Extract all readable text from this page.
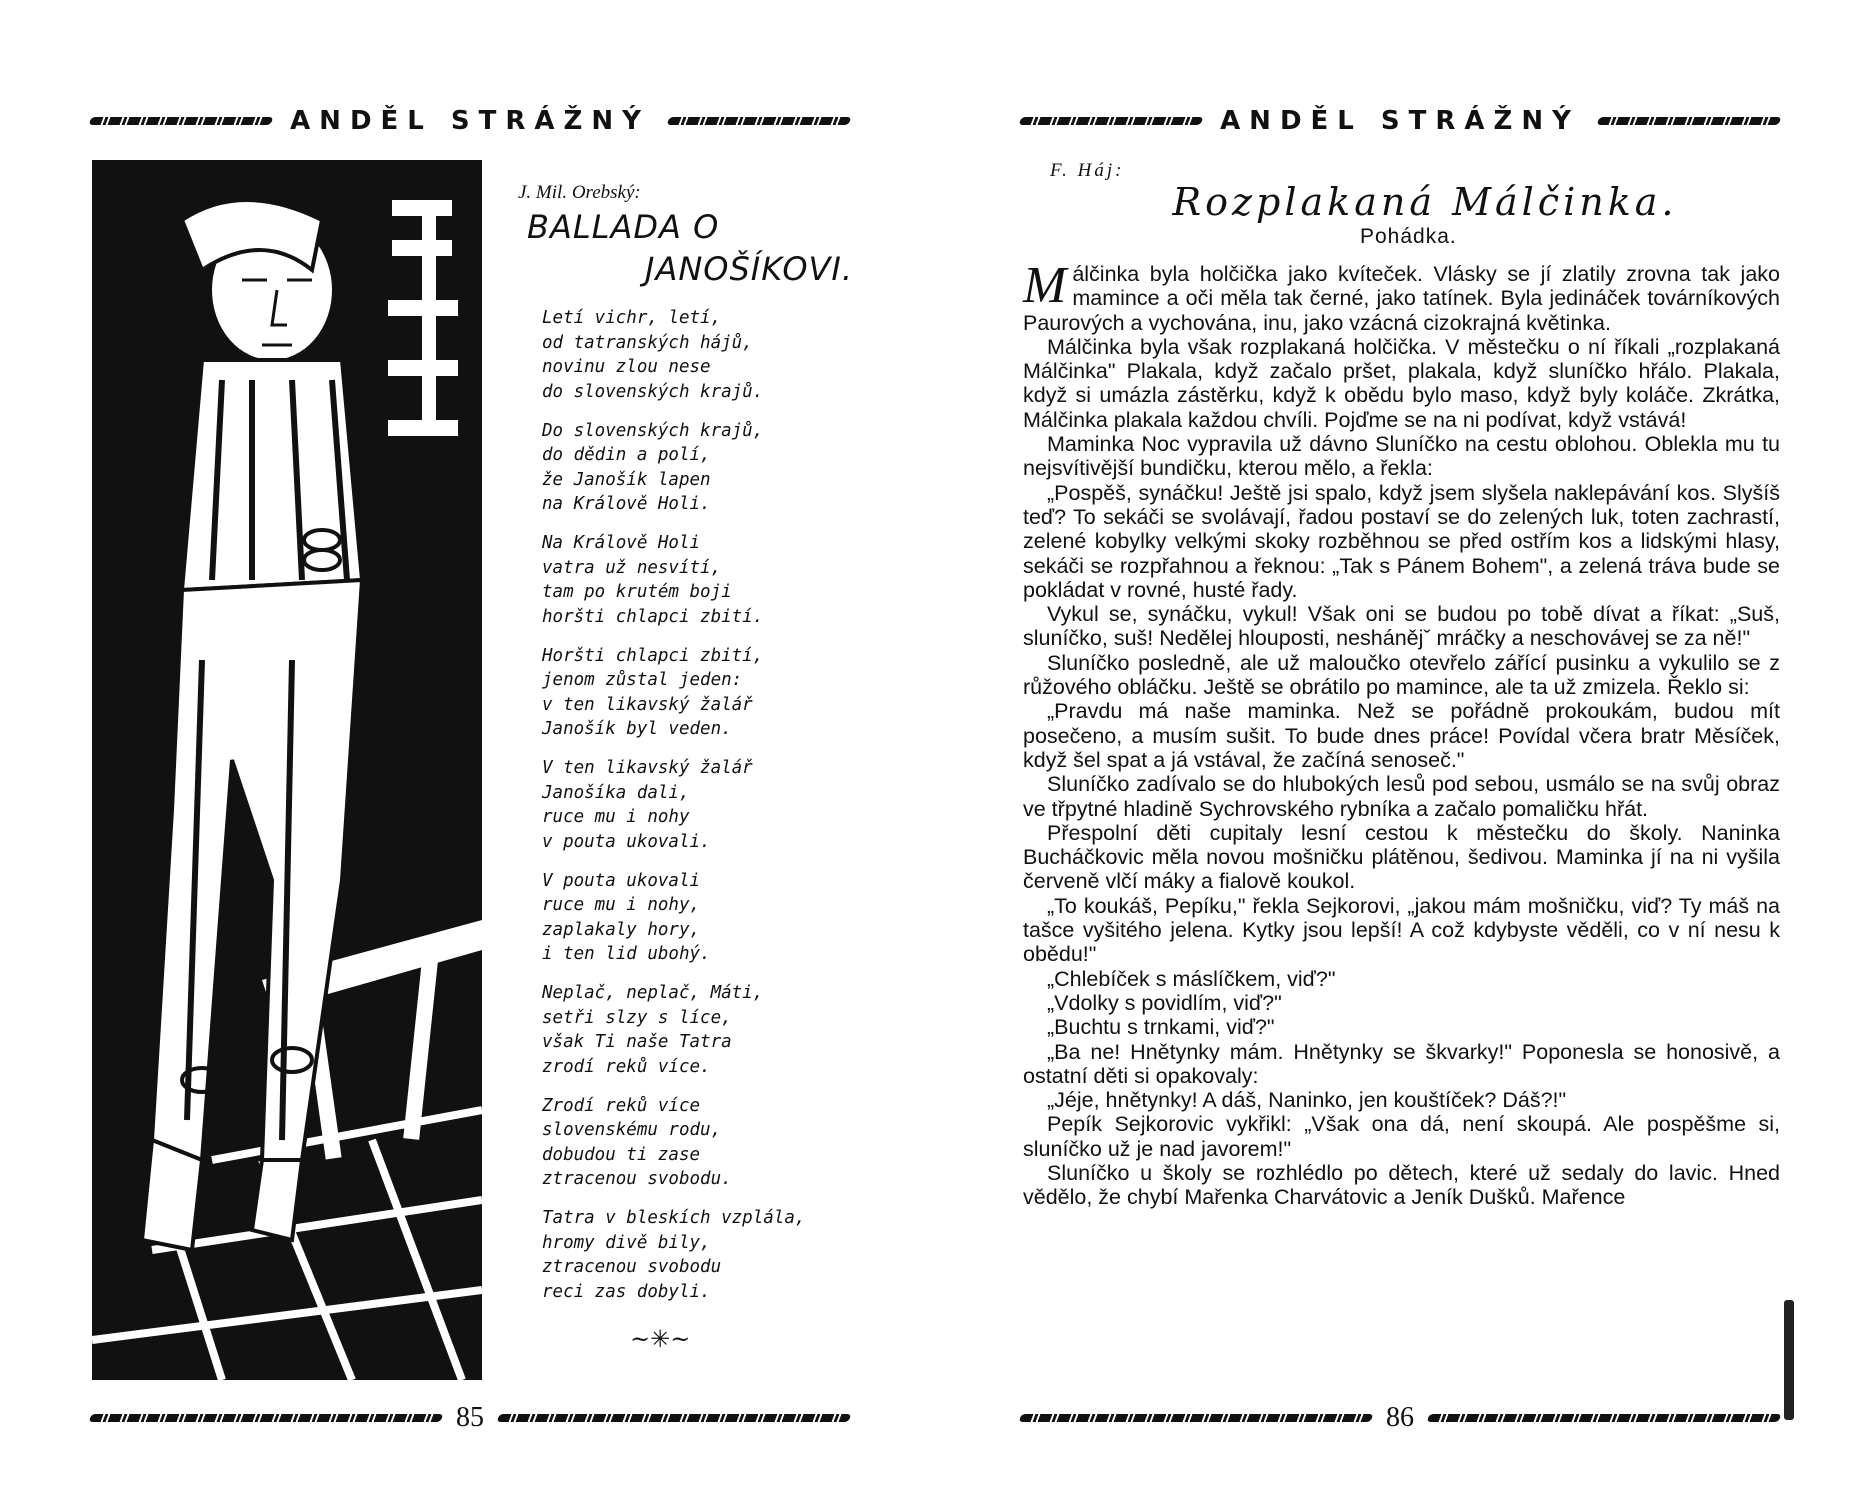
ANDĚL STRÁŽNÝ
J. Mil. Orebský:
BALLADA O
JANOŠÍKOVI.
Letí vichr, letí,
od tatranských hájů,
novinu zlou nese
do slovenských krajů.
Do slovenských krajů,
do dědin a polí,
že Janošík lapen
na Králově Holi.
Na Králově Holi
vatra už nesvítí,
tam po krutém boji
horšti chlapci zbití.
Horšti chlapci zbití,
jenom zůstal jeden:
v ten likavský žalář
Janošík byl veden.
V ten likavský žalář
Janošíka dali,
ruce mu i nohy
v pouta ukovali.
V pouta ukovali
ruce mu i nohy,
zaplakaly hory,
i ten lid ubohý.
Neplač, neplač, Máti,
setři slzy s líce,
však Ti naše Tatra
zrodí reků více.
Zrodí reků více
slovenskému rodu,
dobudou ti zase
ztracenou svobodu.
Tatra v bleskích vzplála,
hromy divě bily,
ztracenou svobodu
reci zas dobyli.
~✳~
85
ANDĚL STRÁŽNÝ
86
F. Háj:
Rozplakaná Málčinka.
Pohádka.

Málčinka byla holčička jako kvíteček. Vlásky se jí zlatily zrovna tak jako mamince a oči měla tak černé, jako tatínek. Byla jedináček továrníkových Paurových a vychována, inu, jako vzácná cizokrajná květinka.

Málčinka byla však rozplakaná holčička. V městečku o ní říkali „rozplakaná Málčinka" Plakala, když začalo pršet, plakala, když sluníčko hřálo. Plakala, když si umázla zástěrku, když k obědu bylo maso, když byly koláče. Zkrátka, Málčinka plakala každou chvíli. Pojďme se na ni podívat, když vstává!

Maminka Noc vypravila už dávno Sluníčko na cestu oblohou. Oblekla mu tu nejsvítivější bundičku, kterou mělo, a řekla:

„Pospěš, synáčku! Ještě jsi spalo, když jsem slyšela naklepávání kos. Slyšíš teď? To sekáči se svolávají, řadou postaví se do zelených luk, toten zachrastí, zelené kobylky velkými skoky rozběhnou se před ostřím kos a lidskými hlasy, sekáči se rozpřahnou a řeknou: „Tak s Pánem Bohem", a zelená tráva bude se pokládat v rovné, husté řady.

Vykul se, synáčku, vykul! Však oni se budou po tobě dívat a říkat: „Suš, sluníčko, suš! Nedělej hlouposti, neshánějˇ mráčky a neschovávej se za ně!"

Sluníčko posledně, ale už maloučko otevřelo zářící pusinku a vykulilo se z růžového obláčku. Ještě se obrátilo po mamince, ale ta už zmizela. Řeklo si:

„Pravdu má naše maminka. Než se pořádně prokoukám, budou mít posečeno, a musím sušit. To bude dnes práce! Povídal včera bratr Měsíček, když šel spat a já vstával, že začíná senoseč."

Sluníčko zadívalo se do hlubokých lesů pod sebou, usmálo se na svůj obraz ve třpytné hladině Sychrovského rybníka a začalo pomaličku hřát.

Přespolní děti cupitaly lesní cestou k městečku do školy. Naninka Bucháčkovic měla novou mošničku plátěnou, šedivou. Maminka jí na ni vyšila červeně vlčí máky a fialově koukol.

„To koukáš, Pepíku," řekla Sejkorovi, „jakou mám mošničku, viď? Ty máš na tašce vyšitého jelena. Kytky jsou lepší! A což kdybyste věděli, co v ní nesu k obědu!"

„Chlebíček s máslíčkem, viď?"

„Vdolky s povidlím, viď?"

„Buchtu s trnkami, viď?"

„Ba ne! Hnětynky mám. Hnětynky se škvarky!" Poponesla se honosivě, a ostatní děti si opakovaly:

„Jéje, hnětynky! A dáš, Naninko, jen kouštíček? Dáš?!"

Pepík Sejkorovic vykřikl: „Však ona dá, není skoupá. Ale pospěšme si, sluníčko už je nad javorem!"

Sluníčko u školy se rozhlédlo po dětech, které už sedaly do lavic. Hned vědělo, že chybí Mařenka Charvátovic a Jeník Dušků. Mařence
